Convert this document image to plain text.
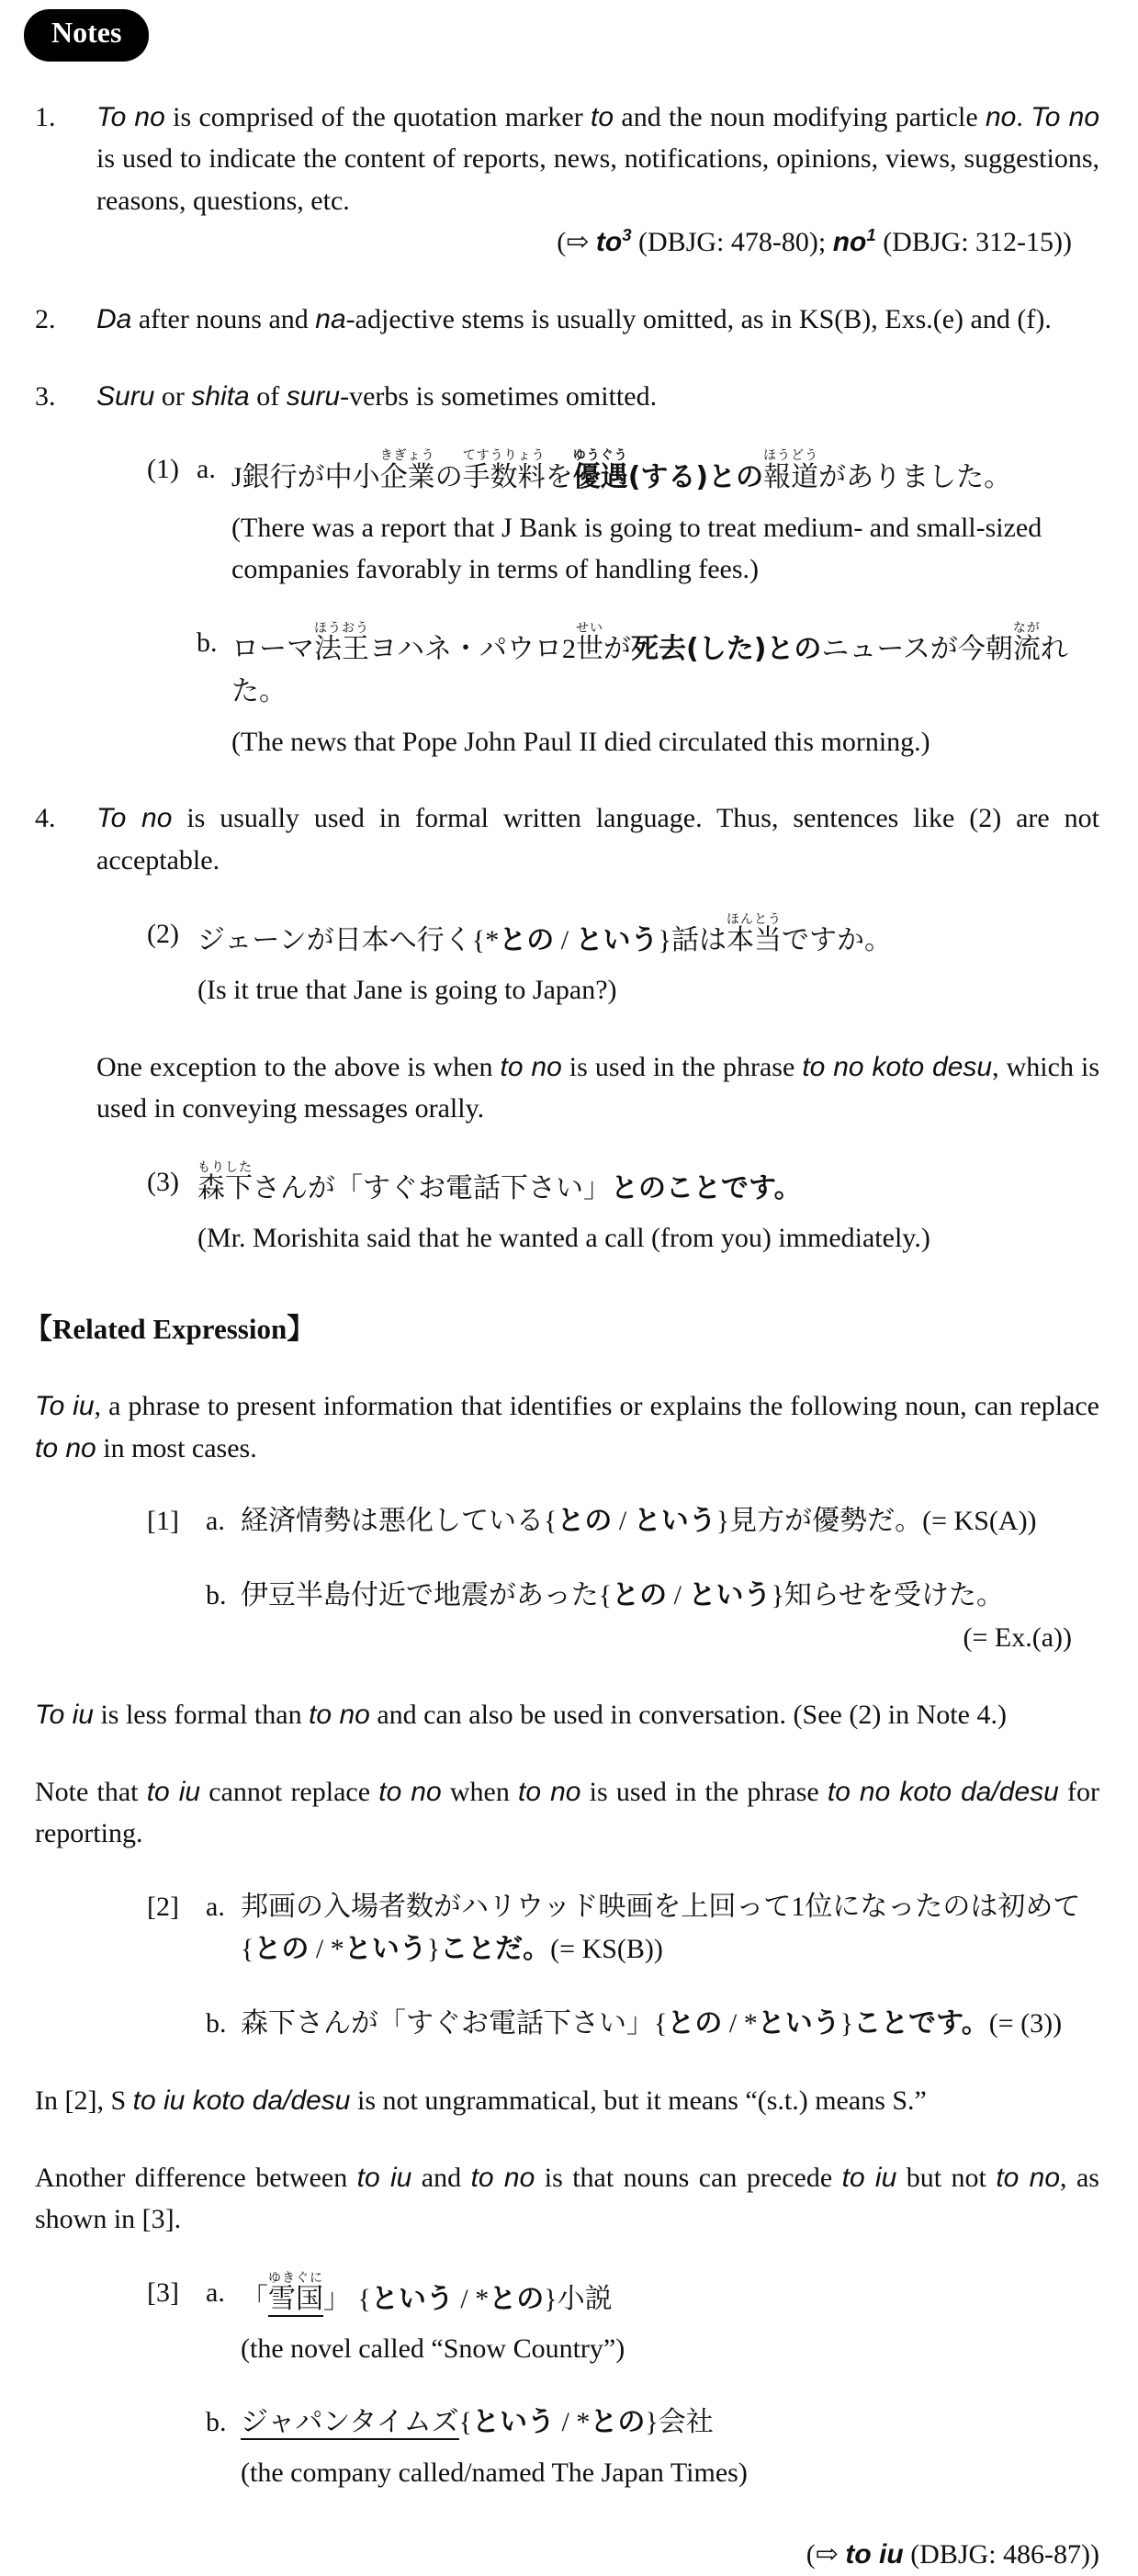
Notes
1. To no is comprised of the quotation marker to and the noun modifying particle no. To no is used to indicate the content of reports, news, notifications, opinions, views, suggestions, reasons, questions, etc.

(⇨ $to^3$ (DBJG: 478-80); $no^1$ (DBJG: 312-15))

2. Da after nouns and na-adjective stems is usually omitted, as in KS(B), Exs.(e) and (f).

3. Suru or shita of suru-verbs is sometimes omitted.

(1) a. J銀行が中小企業きぎょうの手数料てすうりょうを優遇ゆうぐう(する)との報道ほうどうがありました。

(There was a report that J Bank is going to treat medium- and small-sized companies favorably in terms of handling fees.)

b. ローマ法王ほうおうヨハネ・パウロ2世せいが死去(した)とのニュースが今朝流ながれた。

(The news that Pope John Paul II died circulated this morning.)

4. To no is usually used in formal written language. Thus, sentences like (2) are not acceptable.

(2) ジェーンが日本へ行く{*との / という}話は本当ほんとうですか。

(Is it true that Jane is going to Japan?)

One exception to the above is when to no is used in the phrase to no koto desu, which is used in conveying messages orally.

(3) 森下もりしたさんが「すぐお電話下さい」とのことです。

(Mr. Morishita said that he wanted a call (from you) immediately.)

【Related Expression】

To iu, a phrase to present information that identifies or explains the following noun, can replace to no in most cases.

[1] a. 経済情勢は悪化している{との / という}見方が優勢だ。(= KS(A))

b. 伊豆半島付近で地震があった{との / という}知らせを受けた。

(= Ex.(a))

To iu is less formal than to no and can also be used in conversation. (See (2) in Note 4.)

Note that to iu cannot replace to no when to no is used in the phrase to no koto da/desu for reporting.

[2] a. 邦画の入場者数がハリウッド映画を上回って1位になったのは初めて

{との / *という}ことだ。(= KS(B))

b. 森下さんが「すぐお電話下さい」{との / *という}ことです。(= (3))

In [2], S to iu koto da/desu is not ungrammatical, but it means “(s.t.) means S.”

Another difference between to iu and to no is that nouns can precede to iu but not to no, as shown in [3].

[3] a. 「雪国ゆきぐに」 {という / *との}小説

(the novel called “Snow Country”)

b. ジャパンタイムズ{という / *との}会社

(the company called/named The Japan Times)

(⇨ to iu (DBJG: 486-87))
